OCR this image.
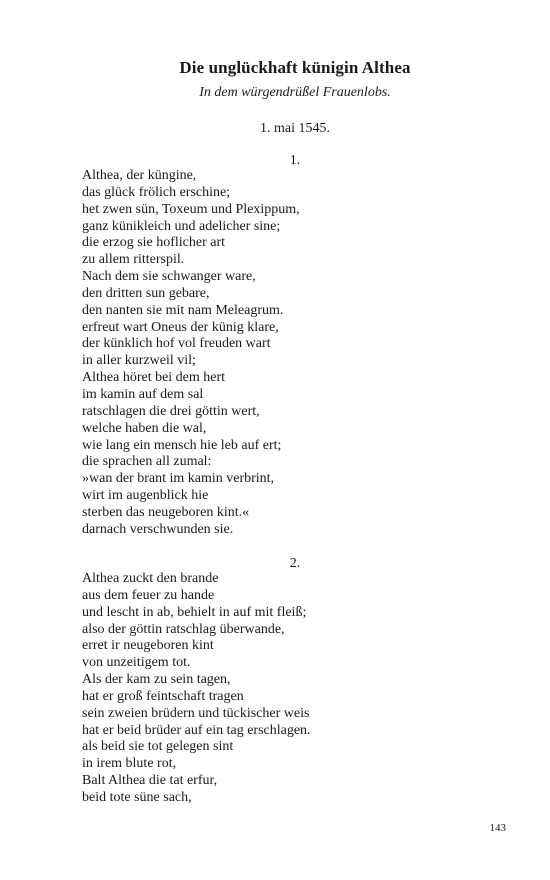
Die unglückhaft künigin Althea
In dem würgendrüßel Frauenlobs.
1. mai 1545.
1.
Althea, der küngine,
das glück frölich erschine;
het zwen sün, Toxeum und Plexippum,
ganz künikleich und adelicher sine;
die erzog sie hoflicher art
zu allem ritterspil.
Nach dem sie schwanger ware,
den dritten sun gebare,
den nanten sie mit nam Meleagrum.
erfreut wart Oneus der künig klare,
der künklich hof vol freuden wart
in aller kurzweil vil;
Althea höret bei dem hert
im kamin auf dem sal
ratschlagen die drei göttin wert,
welche haben die wal,
wie lang ein mensch hie leb auf ert;
die sprachen all zumal:
»wan der brant im kamin verbrint,
wirt im augenblick hie
sterben das neugeboren kint.«
darnach verschwunden sie.
2.
Althea zuckt den brande
aus dem feuer zu hande
und lescht in ab, behielt in auf mit fleiß;
also der göttin ratschlag überwande,
erret ir neugeboren kint
von unzeitigem tot.
Als der kam zu sein tagen,
hat er groß feintschaft tragen
sein zweien brüdern und tückischer weis
hat er beid brüder auf ein tag erschlagen.
als beid sie tot gelegen sint
in irem blute rot,
Balt Althea die tat erfur,
beid tote süne sach,
143
